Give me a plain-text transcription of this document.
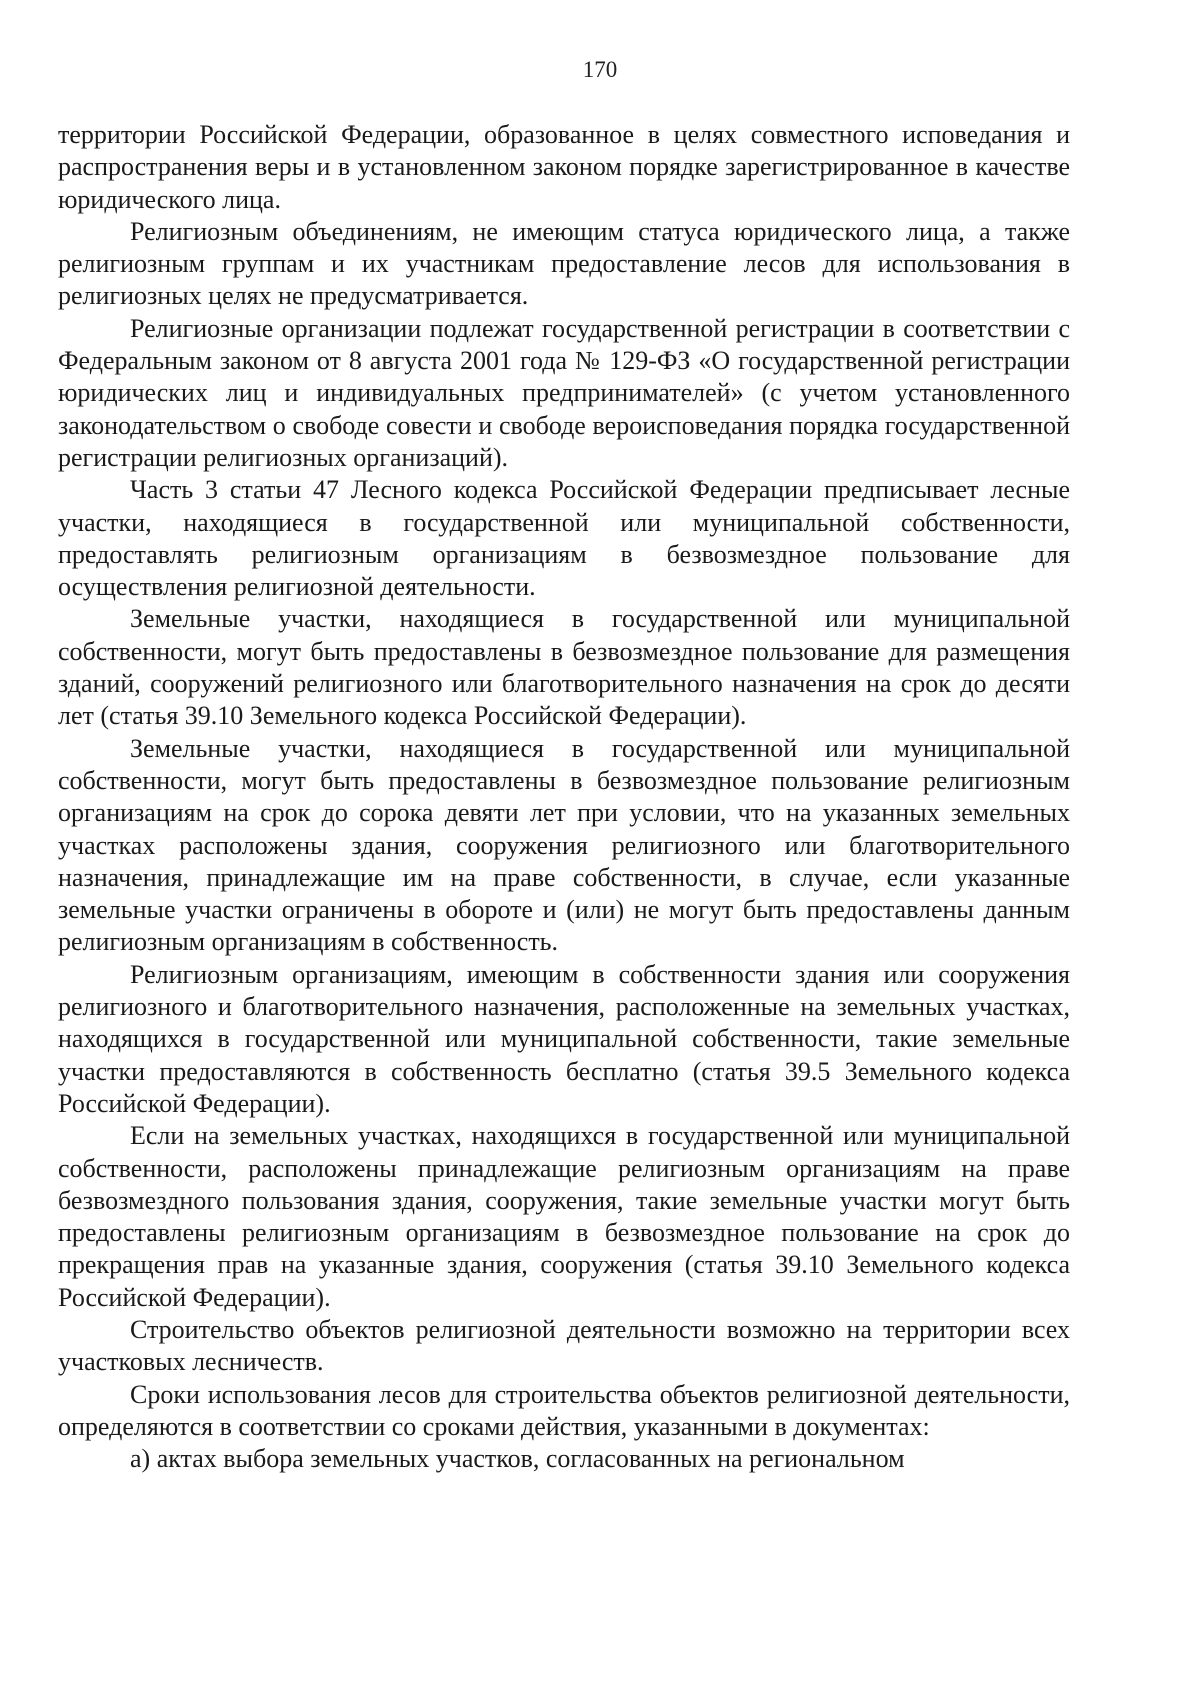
170

территории Российской Федерации, образованное в целях совместного исповедания и распространения веры и в установленном законом порядке зарегистрированное в качестве юридического лица.

Религиозным объединениям, не имеющим статуса юридического лица, а также религиозным группам и их участникам предоставление лесов для использования в религиозных целях не предусматривается.

Религиозные организации подлежат государственной регистрации в соответствии с Федеральным законом от 8 августа 2001 года № 129-ФЗ «О государственной регистрации юридических лиц и индивидуальных предпринимателей» (с учетом установленного законодательством о свободе совести и свободе вероисповедания порядка государственной регистрации религиозных организаций).

Часть 3 статьи 47 Лесного кодекса Российской Федерации предписывает лесные участки, находящиеся в государственной или муниципальной собственности, предоставлять религиозным организациям в безвозмездное пользование для осуществления религиозной деятельности.

Земельные участки, находящиеся в государственной или муниципальной собственности, могут быть предоставлены в безвозмездное пользование для размещения зданий, сооружений религиозного или благотворительного назначения на срок до десяти лет (статья 39.10 Земельного кодекса Российской Федерации).

Земельные участки, находящиеся в государственной или муниципальной собственности, могут быть предоставлены в безвозмездное пользование религиозным организациям на срок до сорока девяти лет при условии, что на указанных земельных участках расположены здания, сооружения религиозного или благотворительного назначения, принадлежащие им на праве собственности, в случае, если указанные земельные участки ограничены в обороте и (или) не могут быть предоставлены данным религиозным организациям в собственность.

Религиозным организациям, имеющим в собственности здания или сооружения религиозного и благотворительного назначения, расположенные на земельных участках, находящихся в государственной или муниципальной собственности, такие земельные участки предоставляются в собственность бесплатно (статья 39.5 Земельного кодекса Российской Федерации).

Если на земельных участках, находящихся в государственной или муниципальной собственности, расположены принадлежащие религиозным организациям на праве безвозмездного пользования здания, сооружения, такие земельные участки могут быть предоставлены религиозным организациям в безвозмездное пользование на срок до прекращения прав на указанные здания, сооружения (статья 39.10 Земельного кодекса Российской Федерации).

Строительство объектов религиозной деятельности возможно на территории всех участковых лесничеств.

Сроки использования лесов для строительства объектов религиозной деятельности, определяются в соответствии со сроками действия, указанными в документах:

а) актах выбора земельных участков, согласованных на региональном
